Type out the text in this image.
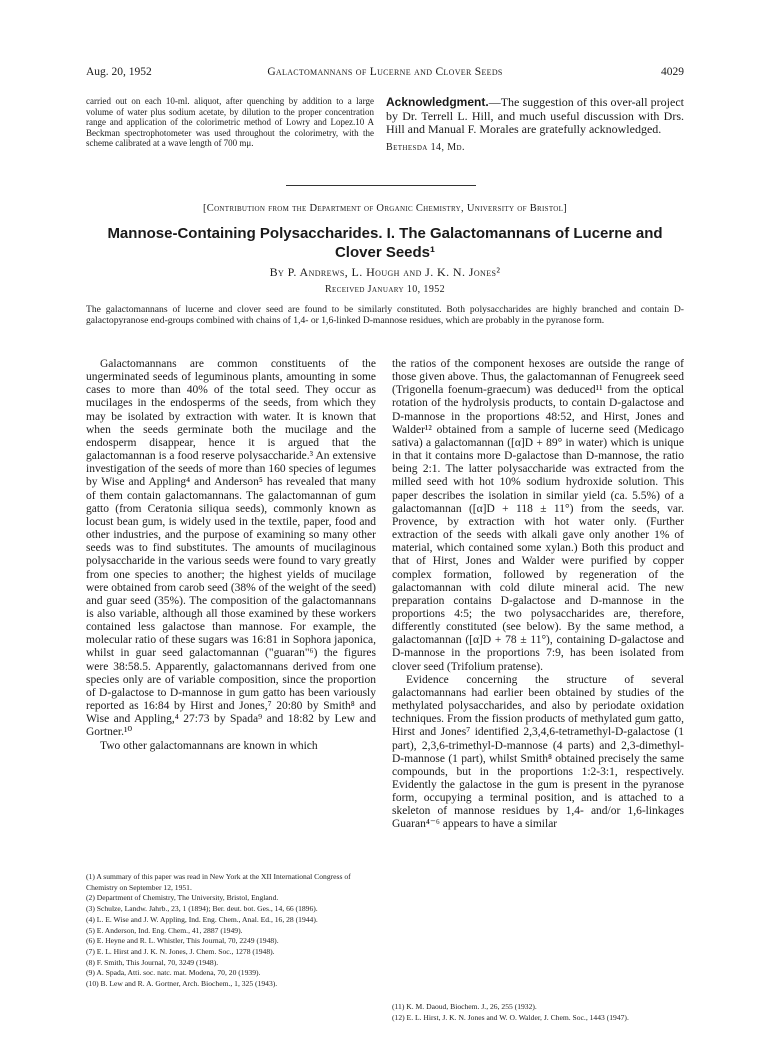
Aug. 20, 1952	Galactomannans of Lucerne and Clover Seeds	4029
carried out on each 10-ml. aliquot, after quenching by addition to a large volume of water plus sodium acetate, by dilution to the proper concentration range and application of the colorimetric method of Lowry and Lopez.10 A Beckman spectrophotometer was used throughout the colorimetry, with the scheme calibrated at a wave length of 700 mμ.
Acknowledgment.—The suggestion of this over-all project by Dr. Terrell L. Hill, and much useful discussion with Drs. Hill and Manual F. Morales are gratefully acknowledged.
Bethesda 14, Md.
[Contribution from the Department of Organic Chemistry, University of Bristol]
Mannose-Containing Polysaccharides. I. The Galactomannans of Lucerne and Clover Seeds¹
By P. Andrews, L. Hough and J. K. N. Jones²
Received January 10, 1952
The galactomannans of lucerne and clover seed are found to be similarly constituted. Both polysaccharides are highly branched and contain D-galactopyranose end-groups combined with chains of 1,4- or 1,6-linked D-mannose residues, which are probably in the pyranose form.

Galactomannans are common constituents of the ungerminated seeds of leguminous plants, amounting in some cases to more than 40% of the total seed. They occur as mucilages in the endosperms of the seeds, from which they may be isolated by extraction with water. It is known that when the seeds germinate both the mucilage and the endosperm disappear, hence it is argued that the galactomannan is a food reserve polysaccharide.³ An extensive investigation of the seeds of more than 160 species of legumes by Wise and Appling⁴ and Anderson⁵ has revealed that many of them contain galactomannans. The galactomannan of gum gatto (from Ceratonia siliqua seeds), commonly known as locust bean gum, is widely used in the textile, paper, food and other industries, and the purpose of examining so many other seeds was to find substitutes. The amounts of mucilaginous polysaccharide in the various seeds were found to vary greatly from one species to another; the highest yields of mucilage were obtained from carob seed (38% of the weight of the seed) and guar seed (35%). The composition of the galactomannans is also variable, although all those examined by these workers contained less galactose than mannose. For example, the molecular ratio of these sugars was 16:81 in Sophora japonica, whilst in guar seed galactomannan ("guaran"⁶) the figures were 38:58.5. Apparently, galactomannans derived from one species only are of variable composition, since the proportion of D-galactose to D-mannose in gum gatto has been variously reported as 16:84 by Hirst and Jones,⁷ 20:80 by Smith⁸ and Wise and Appling,⁴ 27:73 by Spada⁹ and 18:82 by Lew and Gortner.¹⁰

Two other galactomannans are known in which

the ratios of the component hexoses are outside the range of those given above. Thus, the galactomannan of Fenugreek seed (Trigonella foenum-graecum) was deduced¹¹ from the optical rotation of the hydrolysis products, to contain D-galactose and D-mannose in the proportions 48:52, and Hirst, Jones and Walder¹² obtained from a sample of lucerne seed (Medicago sativa) a galactomannan ([α]D + 89° in water) which is unique in that it contains more D-galactose than D-mannose, the ratio being 2:1. The latter polysaccharide was extracted from the milled seed with hot 10% sodium hydroxide solution. This paper describes the isolation in similar yield (ca. 5.5%) of a galactomannan ([α]D + 118 ± 11°) from the seeds, var. Provence, by extraction with hot water only. (Further extraction of the seeds with alkali gave only another 1% of material, which contained some xylan.) Both this product and that of Hirst, Jones and Walder were purified by copper complex formation, followed by regeneration of the galactomannan with cold dilute mineral acid. The new preparation contains D-galactose and D-mannose in the proportions 4:5; the two polysaccharides are, therefore, differently constituted (see below). By the same method, a galactomannan ([α]D + 78 ± 11°), containing D-galactose and D-mannose in the proportions 7:9, has been isolated from clover seed (Trifolium pratense).

Evidence concerning the structure of several galactomannans had earlier been obtained by studies of the methylated polysaccharides, and also by periodate oxidation techniques. From the fission products of methylated gum gatto, Hirst and Jones⁷ identified 2,3,4,6-tetramethyl-D-galactose (1 part), 2,3,6-trimethyl-D-mannose (4 parts) and 2,3-dimethyl-D-mannose (1 part), whilst Smith⁸ obtained precisely the same compounds, but in the proportions 1:2-3:1, respectively. Evidently the galactose in the gum is present in the pyranose form, occupying a terminal position, and is attached to a skeleton of mannose residues by 1,4- and/or 1,6-linkages Guaran⁴⁻⁶ appears to have a similar

(1) A summary of this paper was read in New York at the XII International Congress of Chemistry on September 12, 1951.
(2) Department of Chemistry, The University, Bristol, England.
(3) Schulze, Landw. Jahrb., 23, 1 (1894); Ber. deut. bot. Ges., 14, 66 (1896).
(4) L. E. Wise and J. W. Appling, Ind. Eng. Chem., Anal. Ed., 16, 28 (1944).
(5) E. Anderson, Ind. Eng. Chem., 41, 2887 (1949).
(6) E. Heyne and R. L. Whistler, This Journal, 70, 2249 (1948).
(7) E. L. Hirst and J. K. N. Jones, J. Chem. Soc., 1278 (1948).
(8) F. Smith, This Journal, 70, 3249 (1948).
(9) A. Spada, Atti. soc. natc. mat. Modena, 70, 20 (1939).
(10) B. Lew and R. A. Gortner, Arch. Biochem., 1, 325 (1943).
(11) K. M. Daoud, Biochem. J., 26, 255 (1932).
(12) E. L. Hirst, J. K. N. Jones and W. O. Walder, J. Chem. Soc., 1443 (1947).
